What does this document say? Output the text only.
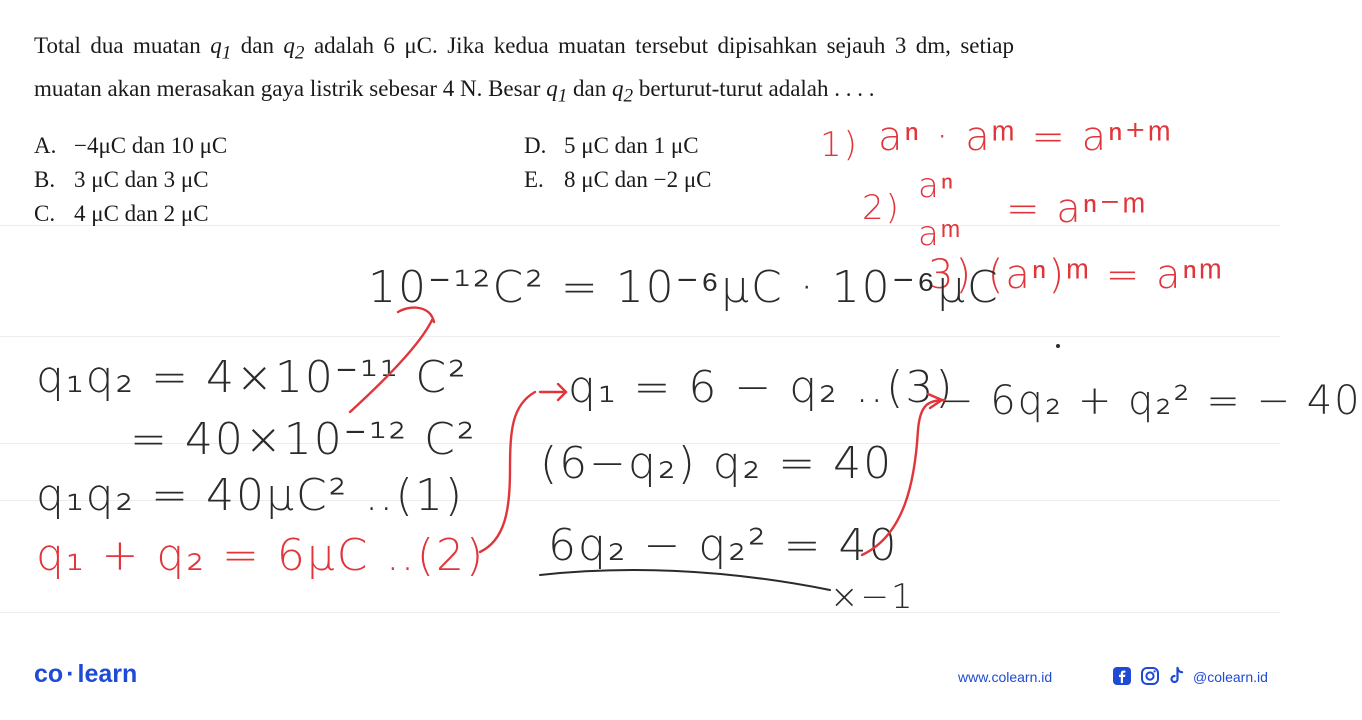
Total dua muatan $q_1$ dan $q_2$ adalah 6 μC. Jika kedua muatan tersebut dipisahkan sejauh 3 dm, setiap muatan akan merasakan gaya listrik sebesar 4 N. Besar $q_1$ dan $q_2$ berturut-turut adalah . . . .
A. −4μC dan 10 μC
B. 3 μC dan 3 μC
C. 4 μC dan 2 μC
D. 5 μC dan 1 μC
E. 8 μC dan −2 μC
1) aⁿ · aᵐ = aⁿ⁺ᵐ
2)
aⁿ
aᵐ
= aⁿ⁻ᵐ
3) (aⁿ)ᵐ = aⁿᵐ
10⁻¹²C² = 10⁻⁶μC · 10⁻⁶μC
q₁q₂ = 4×10⁻¹¹ C²
= 40×10⁻¹² C²
q₁q₂ = 40μC² ‥(1)
q₁ + q₂ = 6μC ‥(2)
q₁ = 6 − q₂ ‥(3)
(6−q₂) q₂ = 40
6q₂ − q₂² = 40
×−1
− 6q₂ + q₂² = − 40
co · learn	www.colearn.id	@colearn.id
